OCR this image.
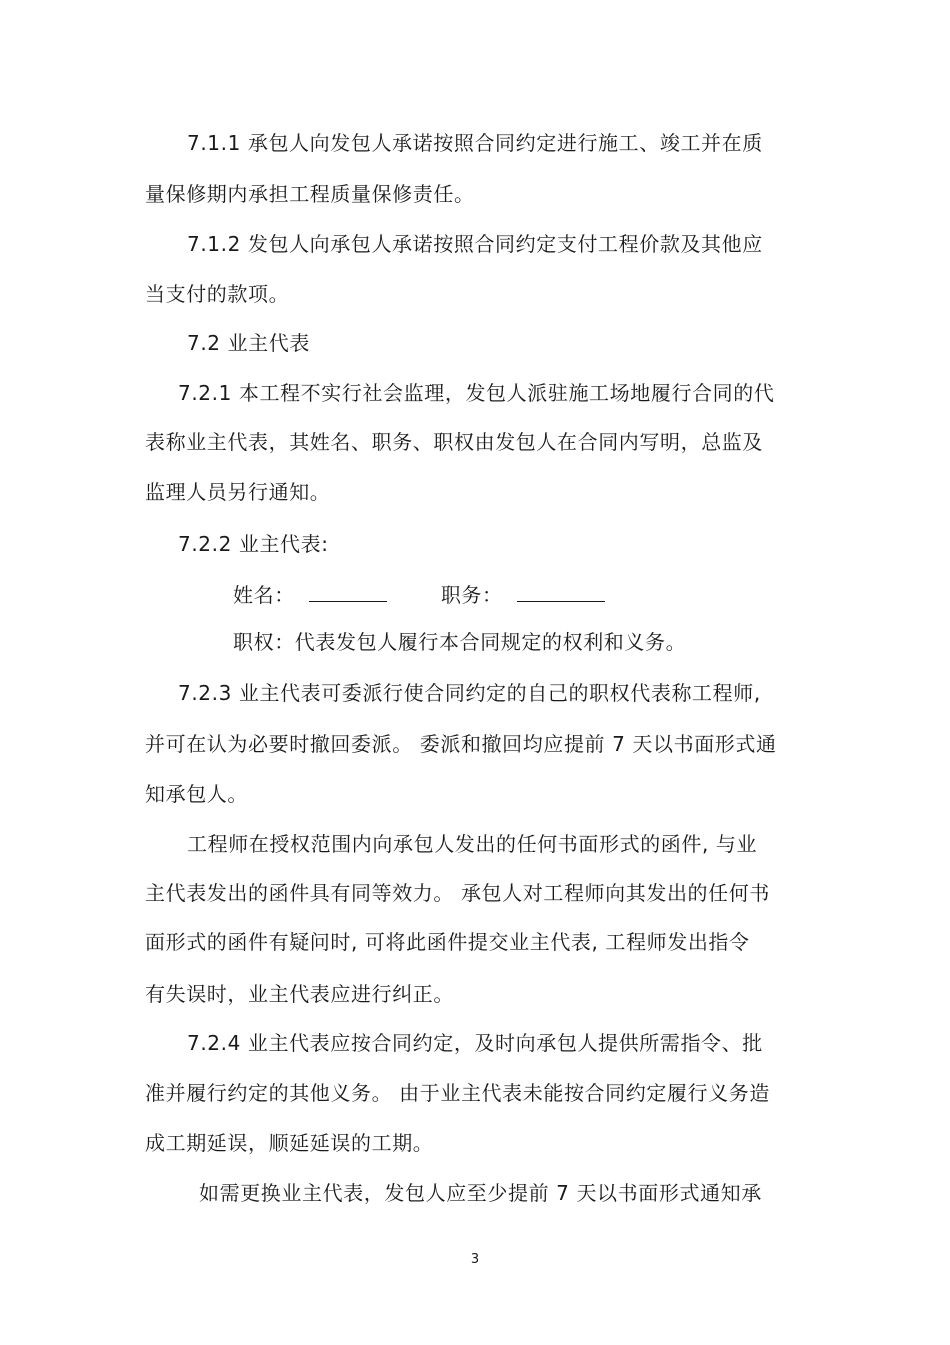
7.1.1 承包人向发包人承诺按照合同约定进行施工、竣工并在质
量保修期内承担工程质量保修责任。
7.1.2 发包人向承包人承诺按照合同约定支付工程价款及其他应
当支付的款项。
7.2 业主代表
7.2.1 本工程不实行社会监理，发包人派驻施工场地履行合同的代
表称业主代表，其姓名、职务、职权由发包人在合同内写明，总监及
监理人员另行通知。
7.2.2 业主代表:
姓名：	职务：
职权：代表发包人履行本合同规定的权利和义务。
7.2.3 业主代表可委派行使合同约定的自己的职权代表称工程师,
并可在认为必要时撤回委派。 委派和撤回均应提前 7 天以书面形式通
知承包人。
工程师在授权范围内向承包人发出的任何书面形式的函件, 与业
主代表发出的函件具有同等效力。 承包人对工程师向其发出的任何书
面形式的函件有疑问时, 可将此函件提交业主代表, 工程师发出指令
有失误时，业主代表应进行纠正。
7.2.4 业主代表应按合同约定，及时向承包人提供所需指令、批
准并履行约定的其他义务。 由于业主代表未能按合同约定履行义务造
成工期延误，顺延延误的工期。
如需更换业主代表，发包人应至少提前 7 天以书面形式通知承
3
